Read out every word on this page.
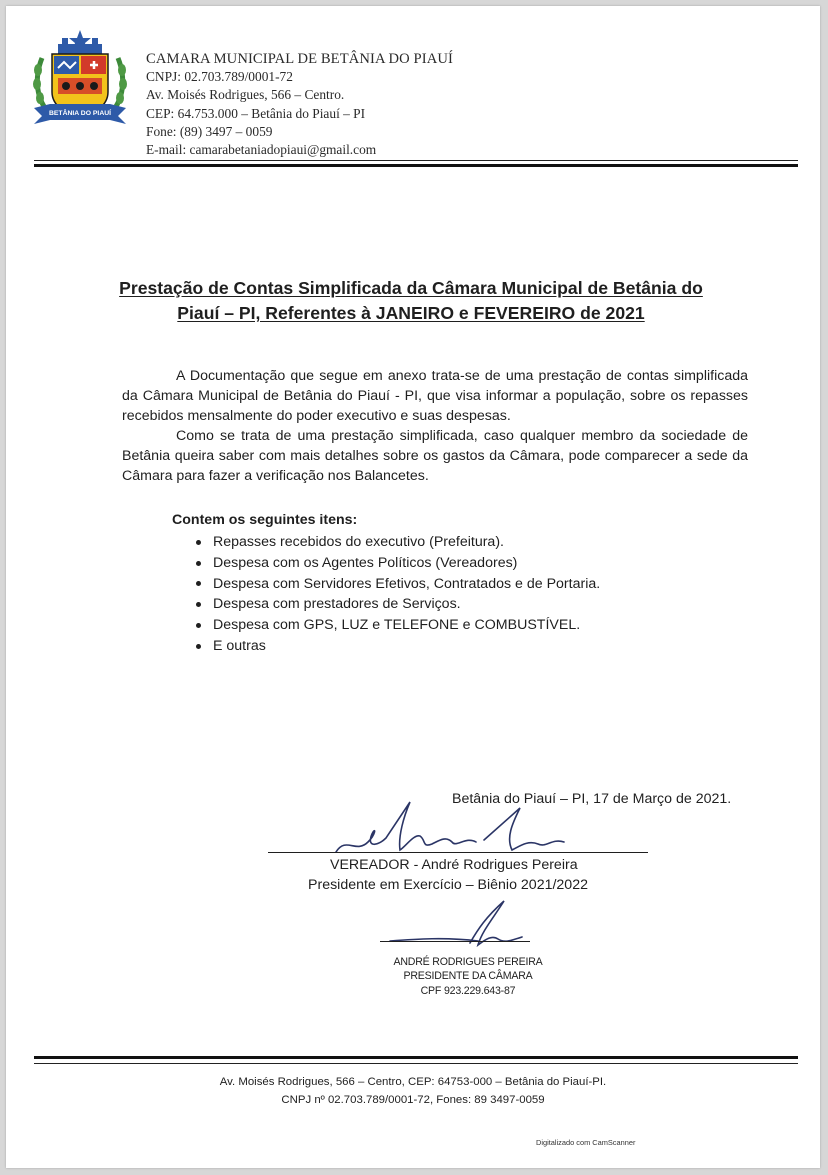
BETÂNIA DO PIAUÍ
CAMARA MUNICIPAL DE BETÂNIA DO PIAUÍ
CNPJ: 02.703.789/0001-72
Av. Moisés Rodrigues, 566 – Centro.
CEP: 64.753.000 – Betânia do Piauí – PI
Fone: (89) 3497 – 0059
E-mail: camarabetaniadopiaui@gmail.com
Prestação de Contas Simplificada da Câmara Municipal de Betânia do
Piauí – PI, Referentes à JANEIRO e FEVEREIRO de 2021
A Documentação que segue em anexo trata-se de uma prestação de contas simplificada da Câmara Municipal de Betânia do Piauí - PI, que visa informar a população, sobre os repasses recebidos mensalmente do poder executivo e suas despesas.
Como se trata de uma prestação simplificada, caso qualquer membro da sociedade de Betânia queira saber com mais detalhes sobre os gastos da Câmara, pode comparecer a sede da Câmara para fazer a verificação nos Balancetes.
Contem os seguintes itens:
Repasses recebidos do executivo (Prefeitura).
Despesa com os Agentes Políticos (Vereadores)
Despesa com Servidores Efetivos, Contratados e de Portaria.
Despesa com prestadores de Serviços.
Despesa com GPS, LUZ e TELEFONE e COMBUSTÍVEL.
E outras
Betânia do Piauí – PI, 17 de Março de 2021.
VEREADOR - André Rodrigues Pereira
Presidente em Exercício – Biênio 2021/2022
ANDRÉ RODRIGUES PEREIRA
PRESIDENTE DA CÂMARA
CPF 923.229.643-87
Av. Moisés Rodrigues, 566 – Centro, CEP: 64753-000 – Betânia do Piauí-PI.
CNPJ nº 02.703.789/0001-72, Fones: 89 3497-0059
Digitalizado com CamScanner
